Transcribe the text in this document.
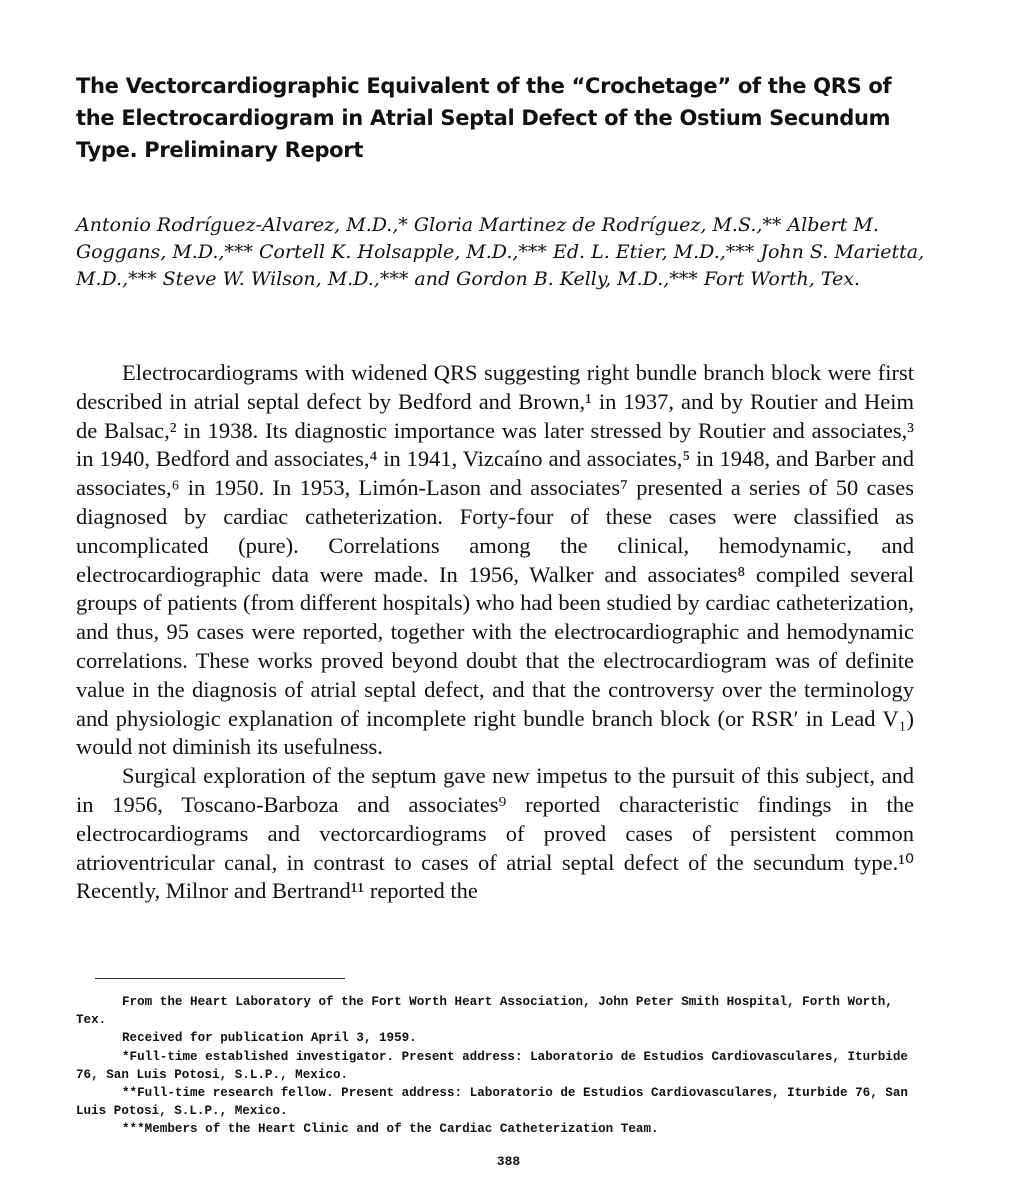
The Vectorcardiographic Equivalent of the “Crochetage” of the QRS of the Electrocardiogram in Atrial Septal Defect of the Ostium Secundum Type. Preliminary Report

Antonio Rodríguez-Alvarez, M.D.,* Gloria Martinez de Rodríguez, M.S.,** Albert M. Goggans, M.D.,*** Cortell K. Holsapple, M.D.,*** Ed. L. Etier, M.D.,*** John S. Marietta, M.D.,*** Steve W. Wilson, M.D.,*** and Gordon B. Kelly, M.D.,*** Fort Worth, Tex.

Electrocardiograms with widened QRS suggesting right bundle branch block were first described in atrial septal defect by Bedford and Brown,¹ in 1937, and by Routier and Heim de Balsac,² in 1938. Its diagnostic importance was later stressed by Routier and associates,³ in 1940, Bedford and associates,⁴ in 1941, Vizcaíno and associates,⁵ in 1948, and Barber and associates,⁶ in 1950. In 1953, Limón-Lason and associates⁷ presented a series of 50 cases diagnosed by cardiac catheterization. Forty-four of these cases were classified as uncomplicated (pure). Correlations among the clinical, hemodynamic, and electrocardiographic data were made. In 1956, Walker and associates⁸ compiled several groups of patients (from different hospitals) who had been studied by cardiac catheterization, and thus, 95 cases were reported, together with the electrocardiographic and hemodynamic correlations. These works proved beyond doubt that the electrocardiogram was of definite value in the diagnosis of atrial septal defect, and that the controversy over the terminology and physiologic explanation of incomplete right bundle branch block (or RSR′ in Lead V₁) would not diminish its usefulness.

Surgical exploration of the septum gave new impetus to the pursuit of this subject, and in 1956, Toscano-Barboza and associates⁹ reported characteristic findings in the electrocardiograms and vectorcardiograms of proved cases of persistent common atrioventricular canal, in contrast to cases of atrial septal defect of the secundum type.¹⁰ Recently, Milnor and Bertrand¹¹ reported the

From the Heart Laboratory of the Fort Worth Heart Association, John Peter Smith Hospital, Forth Worth, Tex.

Received for publication April 3, 1959.

*Full-time established investigator. Present address: Laboratorio de Estudios Cardiovasculares, Iturbide 76, San Luis Potosi, S.L.P., Mexico.

**Full-time research fellow. Present address: Laboratorio de Estudios Cardiovasculares, Iturbide 76, San Luis Potosi, S.L.P., Mexico.

***Members of the Heart Clinic and of the Cardiac Catheterization Team.

388
